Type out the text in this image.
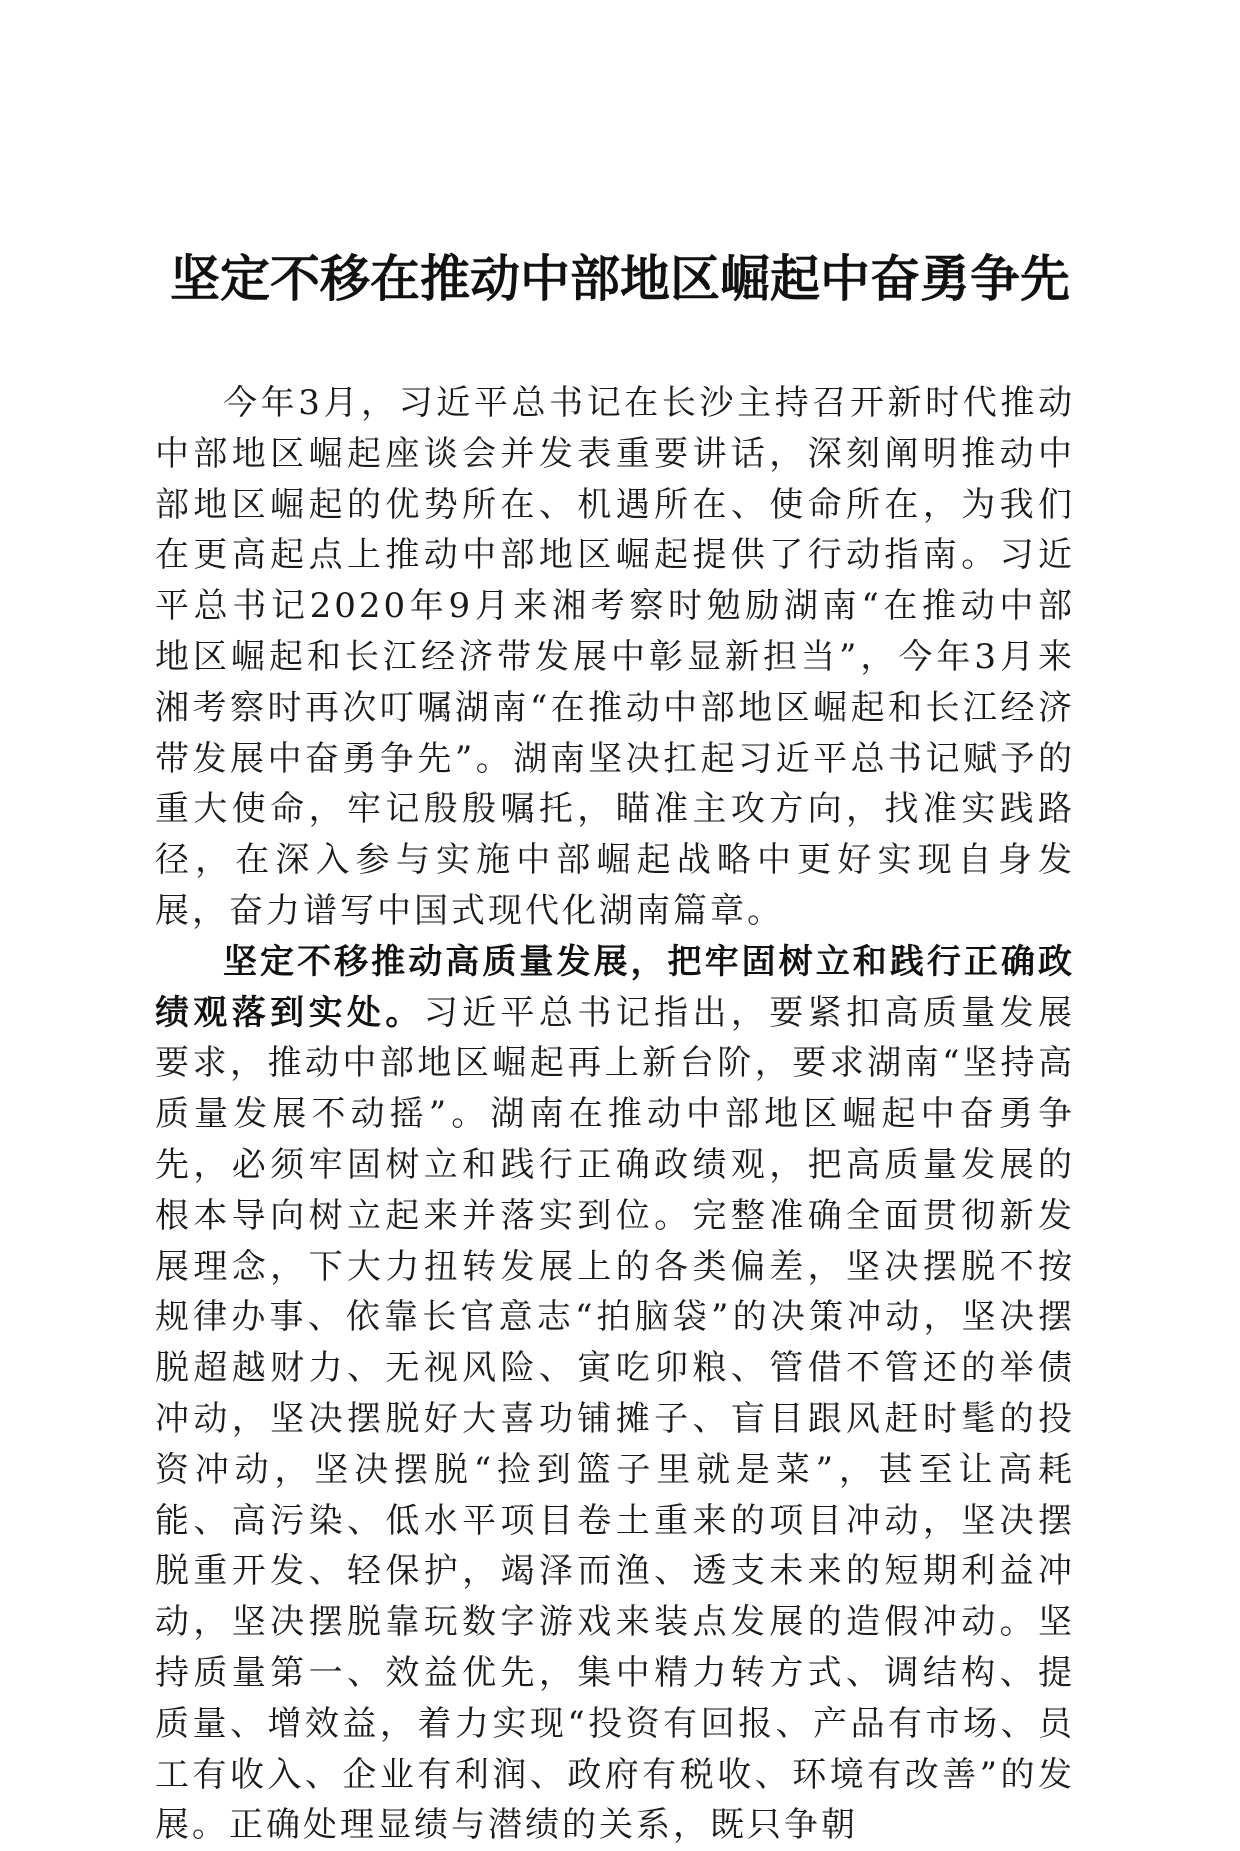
坚定不移在推动中部地区崛起中奋勇争先

今年3月，习近平总书记在长沙主持召开新时代推动中部地区崛起座谈会并发表重要讲话，深刻阐明推动中部地区崛起的优势所在、机遇所在、使命所在，为我们在更高起点上推动中部地区崛起提供了行动指南。习近平总书记2020年9月来湘考察时勉励湖南“在推动中部地区崛起和长江经济带发展中彰显新担当”，今年3月来湘考察时再次叮嘱湖南“在推动中部地区崛起和长江经济带发展中奋勇争先”。湖南坚决扛起习近平总书记赋予的重大使命，牢记殷殷嘱托，瞄准主攻方向，找准实践路径，在深入参与实施中部崛起战略中更好实现自身发展，奋力谱写中国式现代化湖南篇章。

坚定不移推动高质量发展，把牢固树立和践行正确政绩观落到实处。习近平总书记指出，要紧扣高质量发展要求，推动中部地区崛起再上新台阶，要求湖南“坚持高质量发展不动摇”。湖南在推动中部地区崛起中奋勇争先，必须牢固树立和践行正确政绩观，把高质量发展的根本导向树立起来并落实到位。完整准确全面贯彻新发展理念，下大力扭转发展上的各类偏差，坚决摆脱不按规律办事、依靠长官意志“拍脑袋”的决策冲动，坚决摆脱超越财力、无视风险、寅吃卯粮、管借不管还的举债冲动，坚决摆脱好大喜功铺摊子、盲目跟风赶时髦的投资冲动，坚决摆脱“捡到篮子里就是菜”，甚至让高耗能、高污染、低水平项目卷土重来的项目冲动，坚决摆脱重开发、轻保护，竭泽而渔、透支未来的短期利益冲动，坚决摆脱靠玩数字游戏来装点发展的造假冲动。坚持质量第一、效益优先，集中精力转方式、调结构、提质量、增效益，着力实现“投资有回报、产品有市场、员工有收入、企业有利润、政府有税收、环境有改善”的发展。正确处理显绩与潜绩的关系，既只争朝
